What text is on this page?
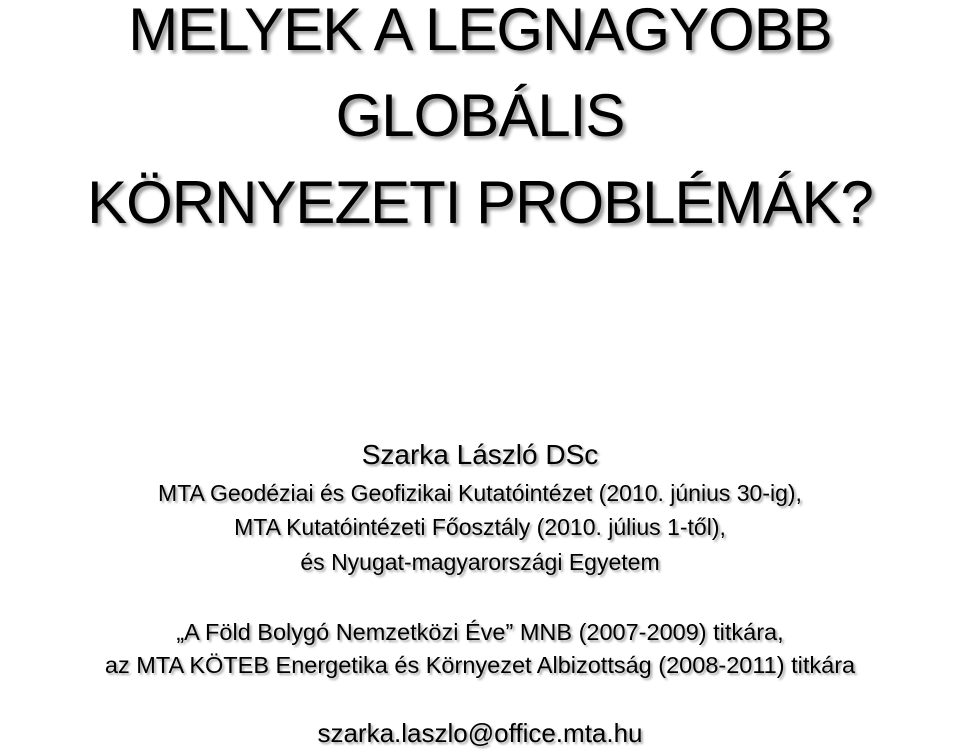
MELYEK A LEGNAGYOBB
GLOBÁLIS
KÖRNYEZETI PROBLÉMÁK?
Szarka László DSc
MTA Geodéziai és Geofizikai Kutatóintézet (2010. június 30-ig),
MTA Kutatóintézeti Főosztály (2010. július 1-től),
és Nyugat-magyarországi Egyetem
„A Föld Bolygó Nemzetközi Éve” MNB (2007-2009) titkára,
az MTA KÖTEB Energetika és Környezet Albizottság (2008-2011) titkára
szarka.laszlo@office.mta.hu
